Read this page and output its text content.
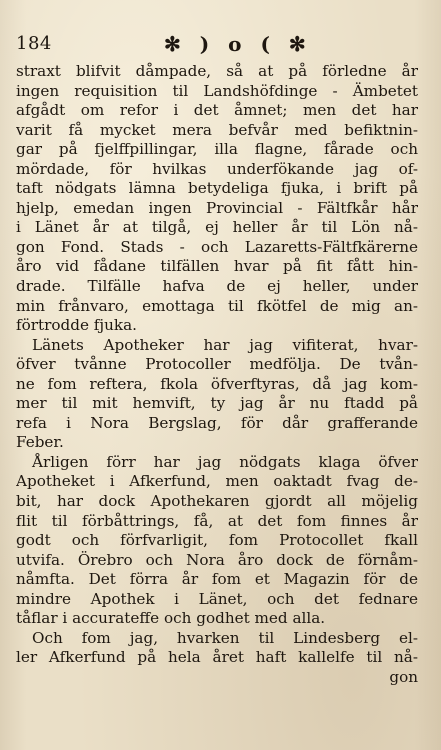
184	✻ ) o ( ✻
straxt blifvit dåmpade, så at på förledne år
ingen requisition til Landshöfdinge - Ämbetet
afgådt om refor i det åmnet; men det har
varit få mycket mera befvår med befiktnin-
gar på fjelffpillingar, illa flagne, fårade och
mördade, för hvilkas underfökande jag of-
taft nödgats lämna betydeliga fjuka, i brift på
hjelp, emedan ingen Provincial - Fältfkår hår
i Länet år at tilgå, ej heller år til Lön nå-
gon Fond. Stads - och Lazaretts-Fältfkärerne
åro vid fådane tilfällen hvar på fit fått hin-
drade. Tilfälle hafva de ej heller, under
min frånvaro, emottaga til fkötfel de mig an-
förtrodde fjuka.
Länets Apotheker har jag vifiterat, hvar-
öfver tvånne Protocoller medfölja. De tvån-
ne fom reftera, fkola öfverftyras, då jag kom-
mer til mit hemvift, ty jag år nu ftadd på
refa i Nora Bergslag, för dår grafferande
Feber.
Årligen förr har jag nödgats klaga öfver
Apotheket i Afkerfund, men oaktadt fvag de-
bit, har dock Apothekaren gjordt all möjelig
flit til förbåttrings, få, at det fom finnes år
godt och förfvarligit, fom Protocollet fkall
utvifa. Örebro och Nora åro dock de förnåm-
nåmfta. Det förra år fom et Magazin för de
mindre Apothek i Länet, och det fednare
tåflar i accurateffe och godhet med alla.
Och fom jag, hvarken til Lindesberg el-
ler Afkerfund på hela året haft kallelfe til nå-
gon
